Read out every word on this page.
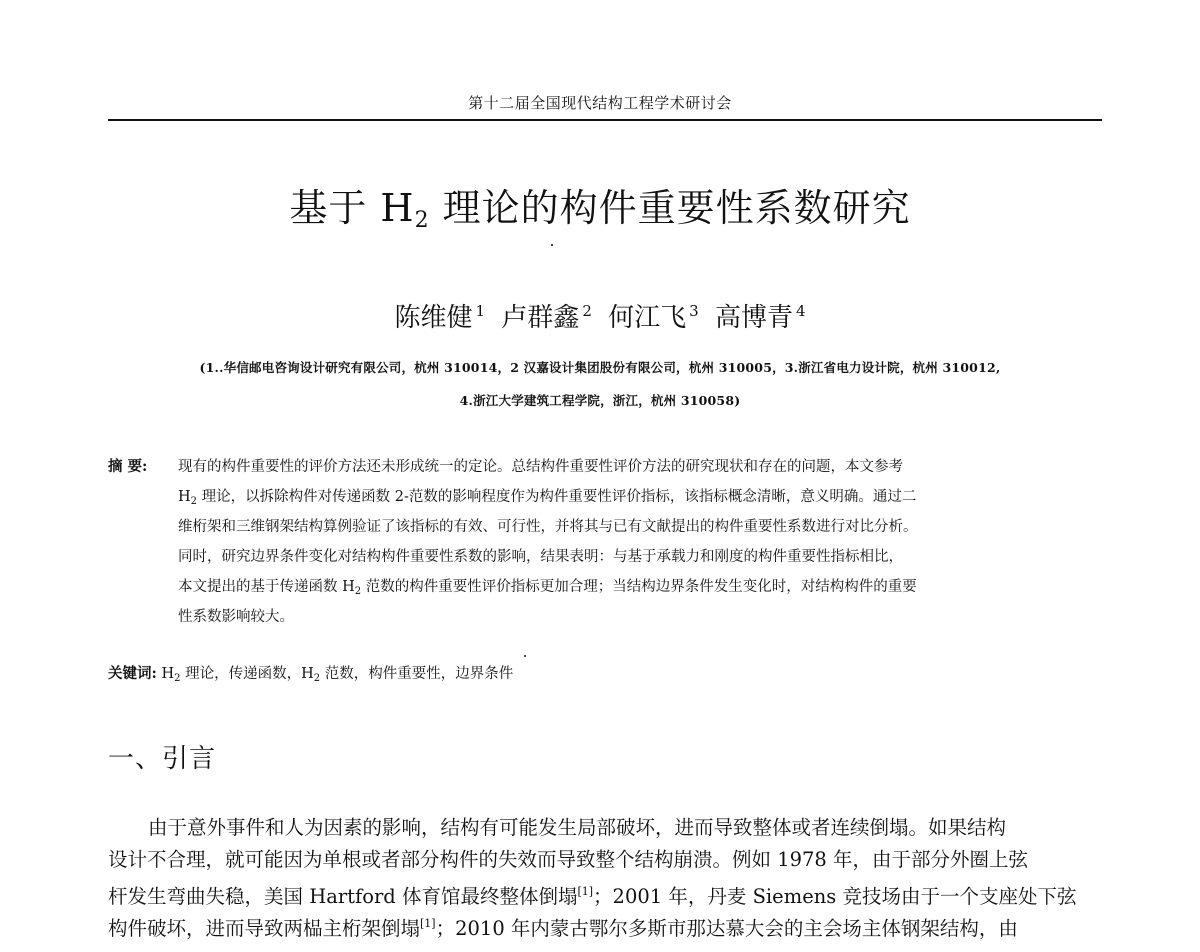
第十二届全国现代结构工程学术研讨会
基于 $H_2$ 理论的构件重要性系数研究
陈维健 $^1$ 卢群鑫 $^2$ 何江飞 $^3$ 高博青 $^4$
(1..华信邮电咨询设计研究有限公司，杭州 310014，2 汉嘉设计集团股份有限公司，杭州 310005，3.浙江省电力设计院，杭州 310012,
4.浙江大学建筑工程学院，浙江，杭州 310058)
摘 要:	现有的构件重要性的评价方法还未形成统一的定论。总结构件重要性评价方法的研究现状和存在的问题，本文参考
$H_2$ 理论，以拆除构件对传递函数 2-范数的影响程度作为构件重要性评价指标，该指标概念清晰，意义明确。通过二
维桁架和三维钢架结构算例验证了该指标的有效、可行性，并将其与已有文献提出的构件重要性系数进行对比分析。
同时，研究边界条件变化对结构构件重要性系数的影响，结果表明：与基于承载力和刚度的构件重要性指标相比，
本文提出的基于传递函数 $H_2$ 范数的构件重要性评价指标更加合理；当结构边界条件发生变化时，对结构构件的重要
性系数影响较大。
关键词: $H_2$ 理论，传递函数，$H_2$ 范数，构件重要性，边界条件
一、引言
由于意外事件和人为因素的影响，结构有可能发生局部破坏，进而导致整体或者连续倒塌。如果结构
设计不合理，就可能因为单根或者部分构件的失效而导致整个结构崩溃。例如 1978 年，由于部分外圈上弦
杆发生弯曲失稳，美国 Hartford 体育馆最终整体倒塌[1]；2001 年，丹麦 Siemens 竞技场由于一个支座处下弦
构件破坏，进而导致两榀主桁架倒塌[1]；2010 年内蒙古鄂尔多斯市那达慕大会的主会场主体钢架结构，由
